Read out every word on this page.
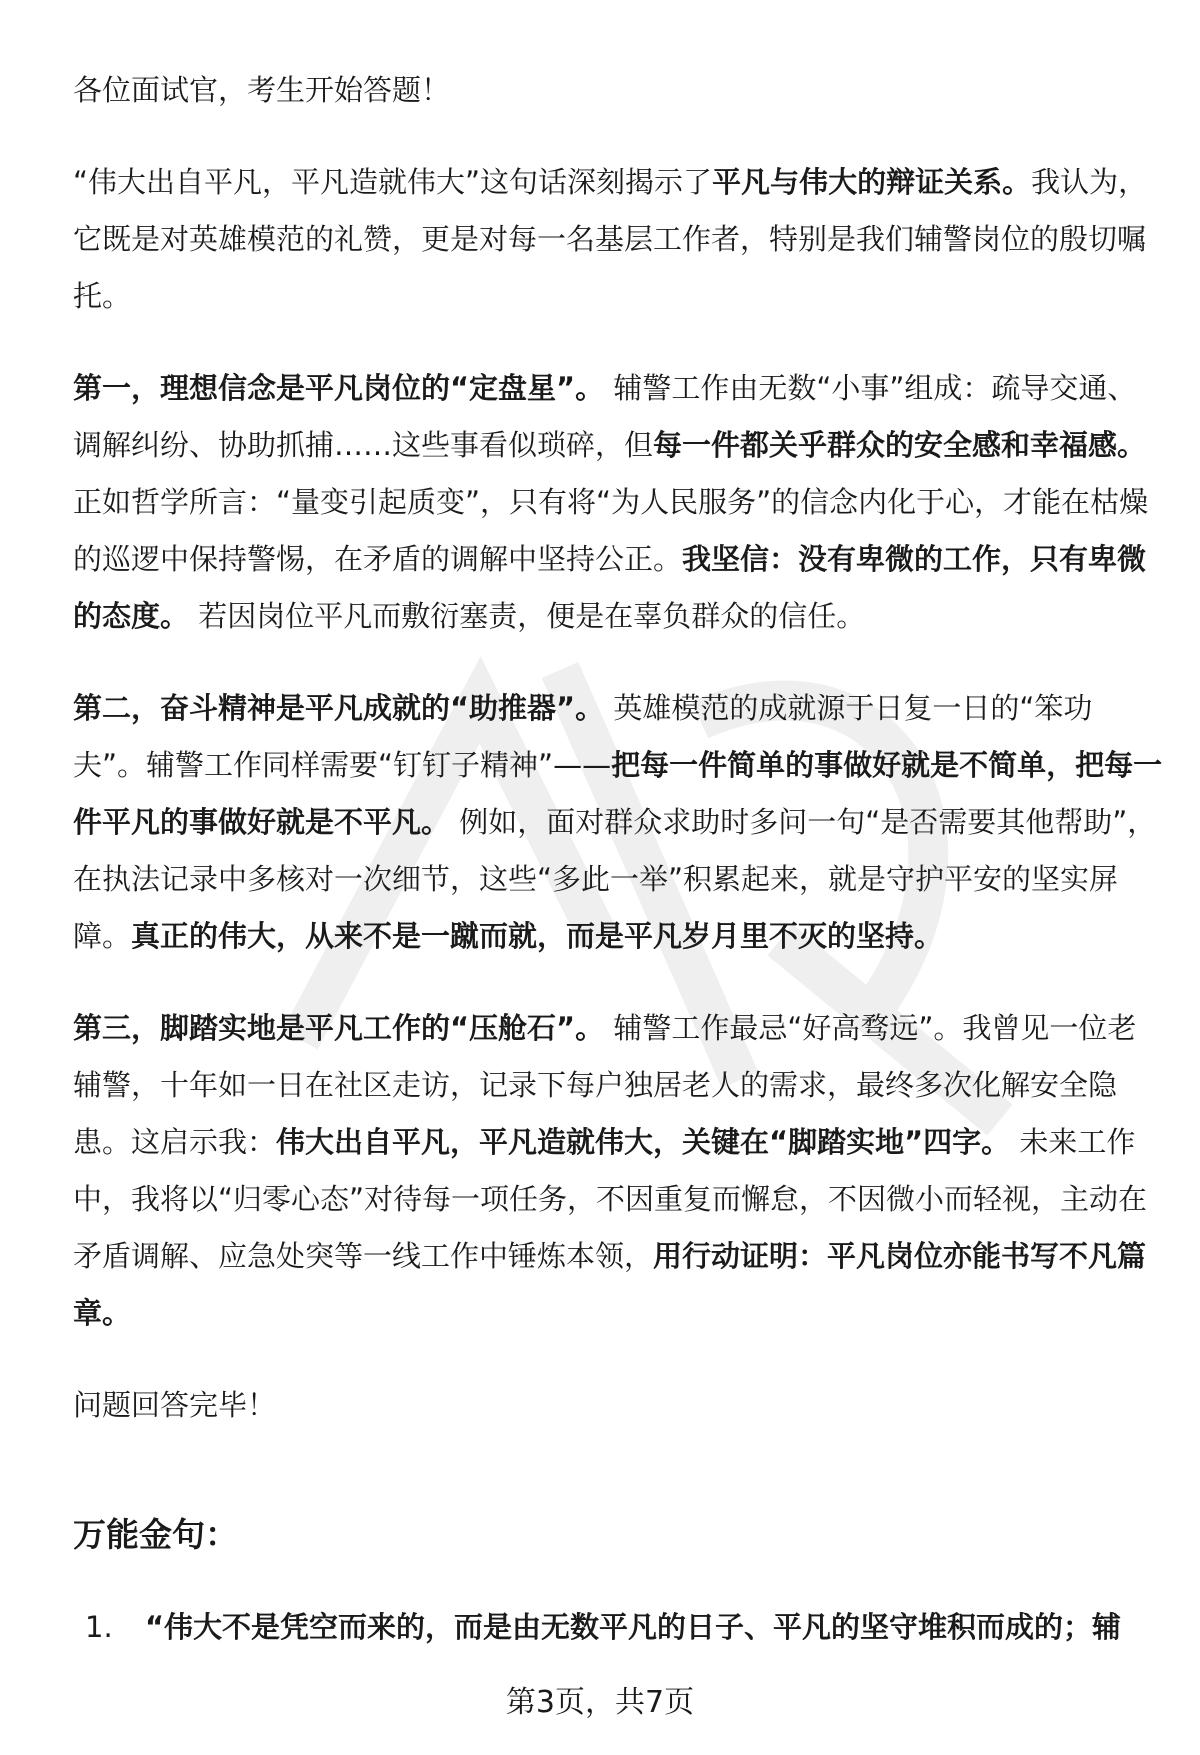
各位面试官，考生开始答题！

“伟大出自平凡，平凡造就伟大”这句话深刻揭示了平凡与伟大的辩证关系。我认为，它既是对英雄模范的礼赞，更是对每一名基层工作者，特别是我们辅警岗位的殷切嘱托。

第一，理想信念是平凡岗位的“定盘星”。 辅警工作由无数“小事”组成：疏导交通、调解纠纷、协助抓捕……这些事看似琐碎，但每一件都关乎群众的安全感和幸福感。正如哲学所言：“量变引起质变”，只有将“为人民服务”的信念内化于心，才能在枯燥的巡逻中保持警惕，在矛盾的调解中坚持公正。我坚信：没有卑微的工作，只有卑微的态度。 若因岗位平凡而敷衍塞责，便是在辜负群众的信任。

第二，奋斗精神是平凡成就的“助推器”。 英雄模范的成就源于日复一日的“笨功夫”。辅警工作同样需要“钉钉子精神”——把每一件简单的事做好就是不简单，把每一件平凡的事做好就是不平凡。 例如，面对群众求助时多问一句“是否需要其他帮助”，在执法记录中多核对一次细节，这些“多此一举”积累起来，就是守护平安的坚实屏障。真正的伟大，从来不是一蹴而就，而是平凡岁月里不灭的坚持。

第三，脚踏实地是平凡工作的“压舱石”。 辅警工作最忌“好高骛远”。我曾见一位老辅警，十年如一日在社区走访，记录下每户独居老人的需求，最终多次化解安全隐患。这启示我：伟大出自平凡，平凡造就伟大，关键在“脚踏实地”四字。 未来工作中，我将以“归零心态”对待每一项任务，不因重复而懈怠，不因微小而轻视，主动在矛盾调解、应急处突等一线工作中锤炼本领，用行动证明：平凡岗位亦能书写不凡篇章。

问题回答完毕！

万能金句：
1. “伟大不是凭空而来的，而是由无数平凡的日子、平凡的坚守堆积而成的；辅
第3页，共7页
